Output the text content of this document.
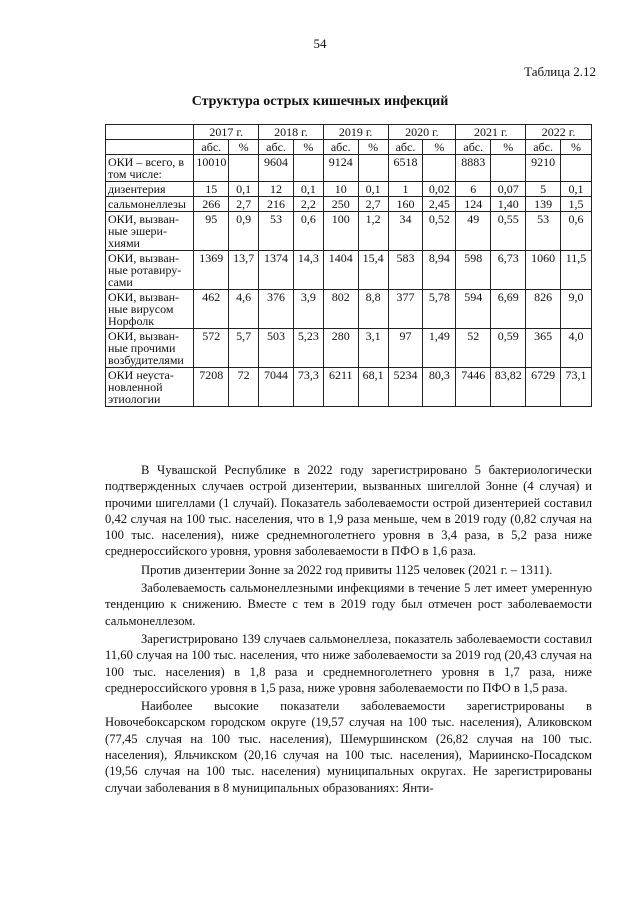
54
Таблица 2.12
Структура острых кишечных инфекций
	2017 г.		2018 г.		2019 г.		2020 г.		2021 г.		2022 г.	
	абс.	%	абс.	%	абс.	%	абс.	%	абс.	%	абс.	%
ОКИ – всего, в том числе:	10010		9604		9124		6518		8883		9210	
дизентерия	15	0,1	12	0,1	10	0,1	1	0,02	6	0,07	5	0,1
сальмонеллезы	266	2,7	216	2,2	250	2,7	160	2,45	124	1,40	139	1,5
ОКИ, вызван-ные эшери-хиями	95	0,9	53	0,6	100	1,2	34	0,52	49	0,55	53	0,6
ОКИ, вызван-ные ротавиру-сами	1369	13,7	1374	14,3	1404	15,4	583	8,94	598	6,73	1060	11,5
ОКИ, вызван-ные вирусом Норфолк	462	4,6	376	3,9	802	8,8	377	5,78	594	6,69	826	9,0
ОКИ, вызван-ные прочими возбудителями	572	5,7	503	5,23	280	3,1	97	1,49	52	0,59	365	4,0
ОКИ неуста-новленной этиологии	7208	72	7044	73,3	6211	68,1	5234	80,3	7446	83,82	6729	73,1

В Чувашской Республике в 2022 году зарегистрировано 5 бактериологически подтвержденных случаев острой дизентерии, вызванных шигеллой Зонне (4 случая) и прочими шигеллами (1 случай). Показатель заболеваемости острой дизентерией составил 0,42 случая на 100 тыс. населения, что в 1,9 раза меньше, чем в 2019 году (0,82 случая на 100 тыс. населения), ниже среднемноголетнего уровня в 3,4 раза, в 5,2 раза ниже среднероссийского уровня, уровня заболеваемости в ПФО в 1,6 раза.

Против дизентерии Зонне за 2022 год привиты 1125 человек (2021 г. – 1311).

Заболеваемость сальмонеллезными инфекциями в течение 5 лет имеет умеренную тенденцию к снижению. Вместе с тем в 2019 году был отмечен рост заболеваемости сальмонеллезом.

Зарегистрировано 139 случаев сальмонеллеза, показатель заболеваемости составил 11,60 случая на 100 тыс. населения, что ниже заболеваемости за 2019 год (20,43 случая на 100 тыс. населения) в 1,8 раза и среднемноголетнего уровня в 1,7 раза, ниже среднероссийского уровня в 1,5 раза, ниже уровня заболеваемости по ПФО в 1,5 раза.

Наиболее высокие показатели заболеваемости зарегистрированы в Новочебоксарском городском округе (19,57 случая на 100 тыс. населения), Аликовском (77,45 случая на 100 тыс. населения), Шемуршинском (26,82 случая на 100 тыс. населения), Яльчикском (20,16 случая на 100 тыс. населения), Мариинско-Посадском (19,56 случая на 100 тыс. населения) муниципальных округах. Не зарегистрированы случаи заболевания в 8 муниципальных образованиях: Янти-
